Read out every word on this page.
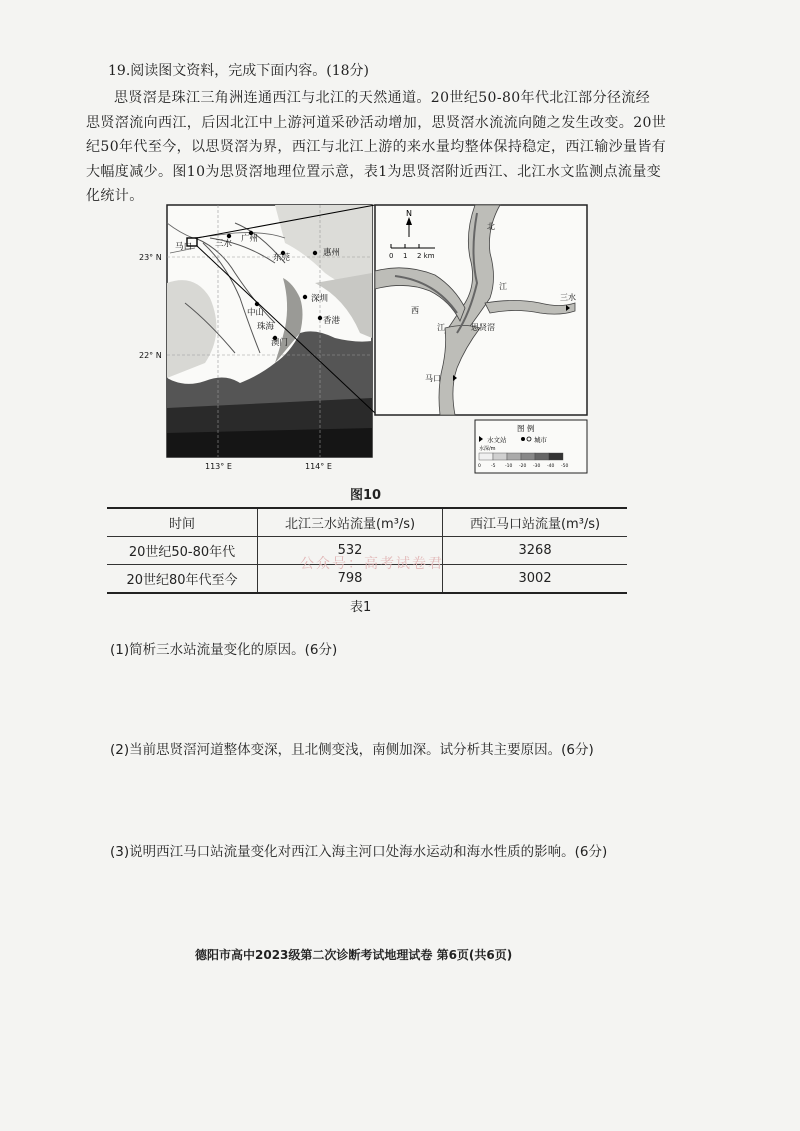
19.阅读图文资料，完成下面内容。(18分)
思贤滘是珠江三角洲连通西江与北江的天然通道。20世纪50-80年代北江部分径流经
思贤滘流向西江，后因北江中上游河道采砂活动增加，思贤滘水流流向随之发生改变。20世
纪50年代至今，以思贤滘为界，西江与北江上游的来水量均整体保持稳定，西江输沙量皆有
大幅度减少。图10为思贤滘地理位置示意，表1为思贤滘附近西江、北江水文监测点流量变
化统计。
马口	三水 广州
东莞	惠州
中山
珠海
澳门
深圳
香港
23° N
22° N
113° E	114° E
N
0 1 2 km
北
江
西
江	思贤滘
三水
马口
图 例
水文站	城市
水深/m
0 -5 -10 -20 -30 -40 -50
图10
时间	北江三水站流量(m³/s)	西江马口站流量(m³/s)
20世纪50-80年代	532	3268
20世纪80年代至今	798	3002
公众号：高考试卷君
表1
(1)简析三水站流量变化的原因。(6分)
(2)当前思贤滘河道整体变深，且北侧变浅，南侧加深。试分析其主要原因。(6分)
(3)说明西江马口站流量变化对西江入海主河口处海水运动和海水性质的影响。(6分)
德阳市高中2023级第二次诊断考试地理试卷 第6页(共6页)
